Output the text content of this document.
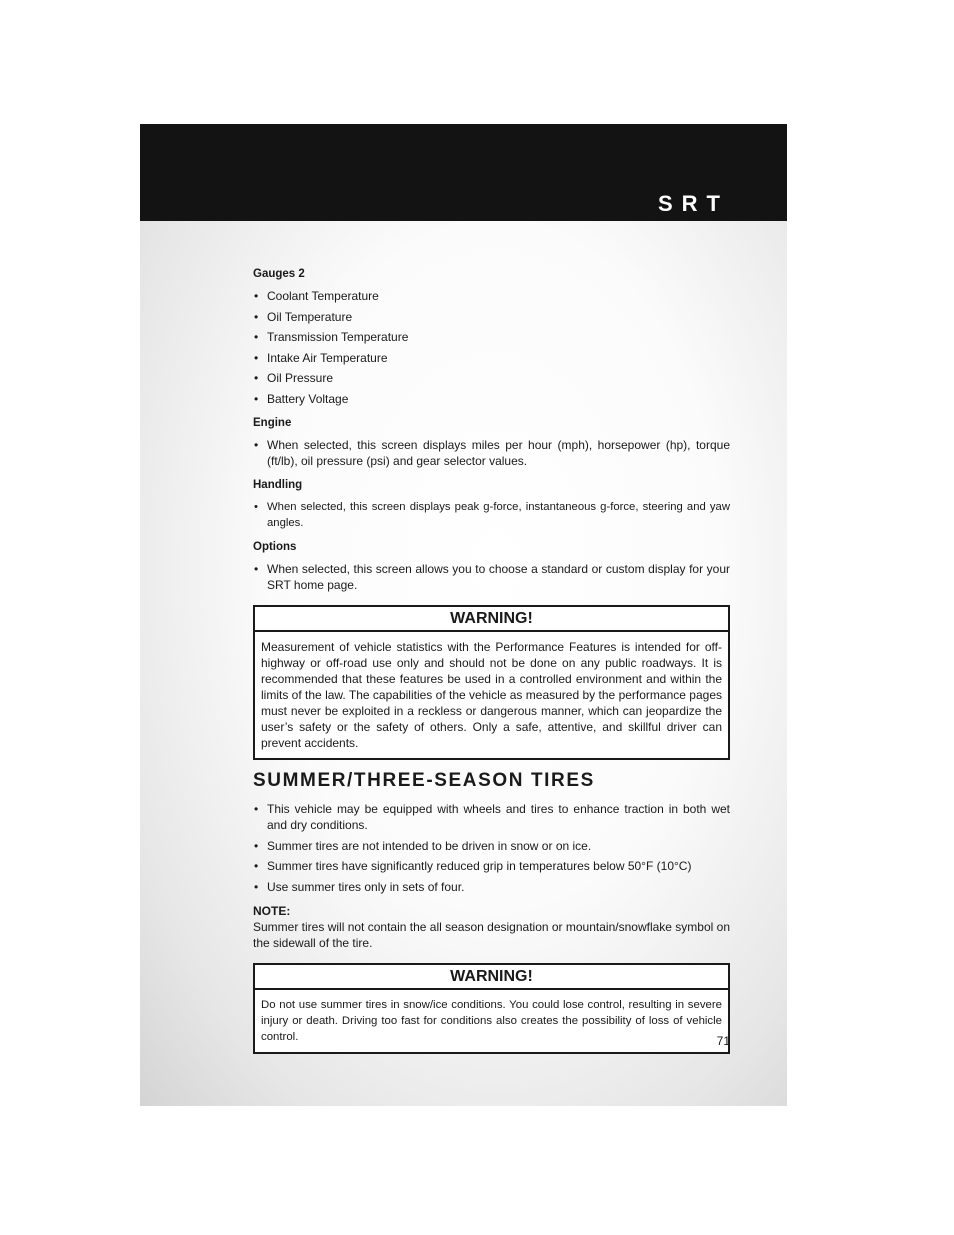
SRT
Gauges 2
• Coolant Temperature
• Oil Temperature
• Transmission Temperature
• Intake Air Temperature
• Oil Pressure
• Battery Voltage
Engine
• When selected, this screen displays miles per hour (mph), horsepower (hp), torque (ft/lb), oil pressure (psi) and gear selector values.
Handling
• When selected, this screen displays peak g-force, instantaneous g-force, steering and yaw angles.
Options
• When selected, this screen allows you to choose a standard or custom display for your SRT home page.
WARNING!
Measurement of vehicle statistics with the Performance Features is intended for off-highway or off-road use only and should not be done on any public roadways. It is recommended that these features be used in a controlled environment and within the limits of the law. The capabilities of the vehicle as measured by the performance pages must never be exploited in a reckless or dangerous manner, which can jeopardize the user’s safety or the safety of others. Only a safe, attentive, and skillful driver can prevent accidents.
SUMMER/THREE-SEASON TIRES
• This vehicle may be equipped with wheels and tires to enhance traction in both wet and dry conditions.
• Summer tires are not intended to be driven in snow or on ice.
• Summer tires have significantly reduced grip in temperatures below 50°F (10°C)
• Use summer tires only in sets of four.
NOTE:
Summer tires will not contain the all season designation or mountain/snowflake symbol on the sidewall of the tire.
WARNING!
Do not use summer tires in snow/ice conditions. You could lose control, resulting in severe injury or death. Driving too fast for conditions also creates the possibility of loss of vehicle control.	71
